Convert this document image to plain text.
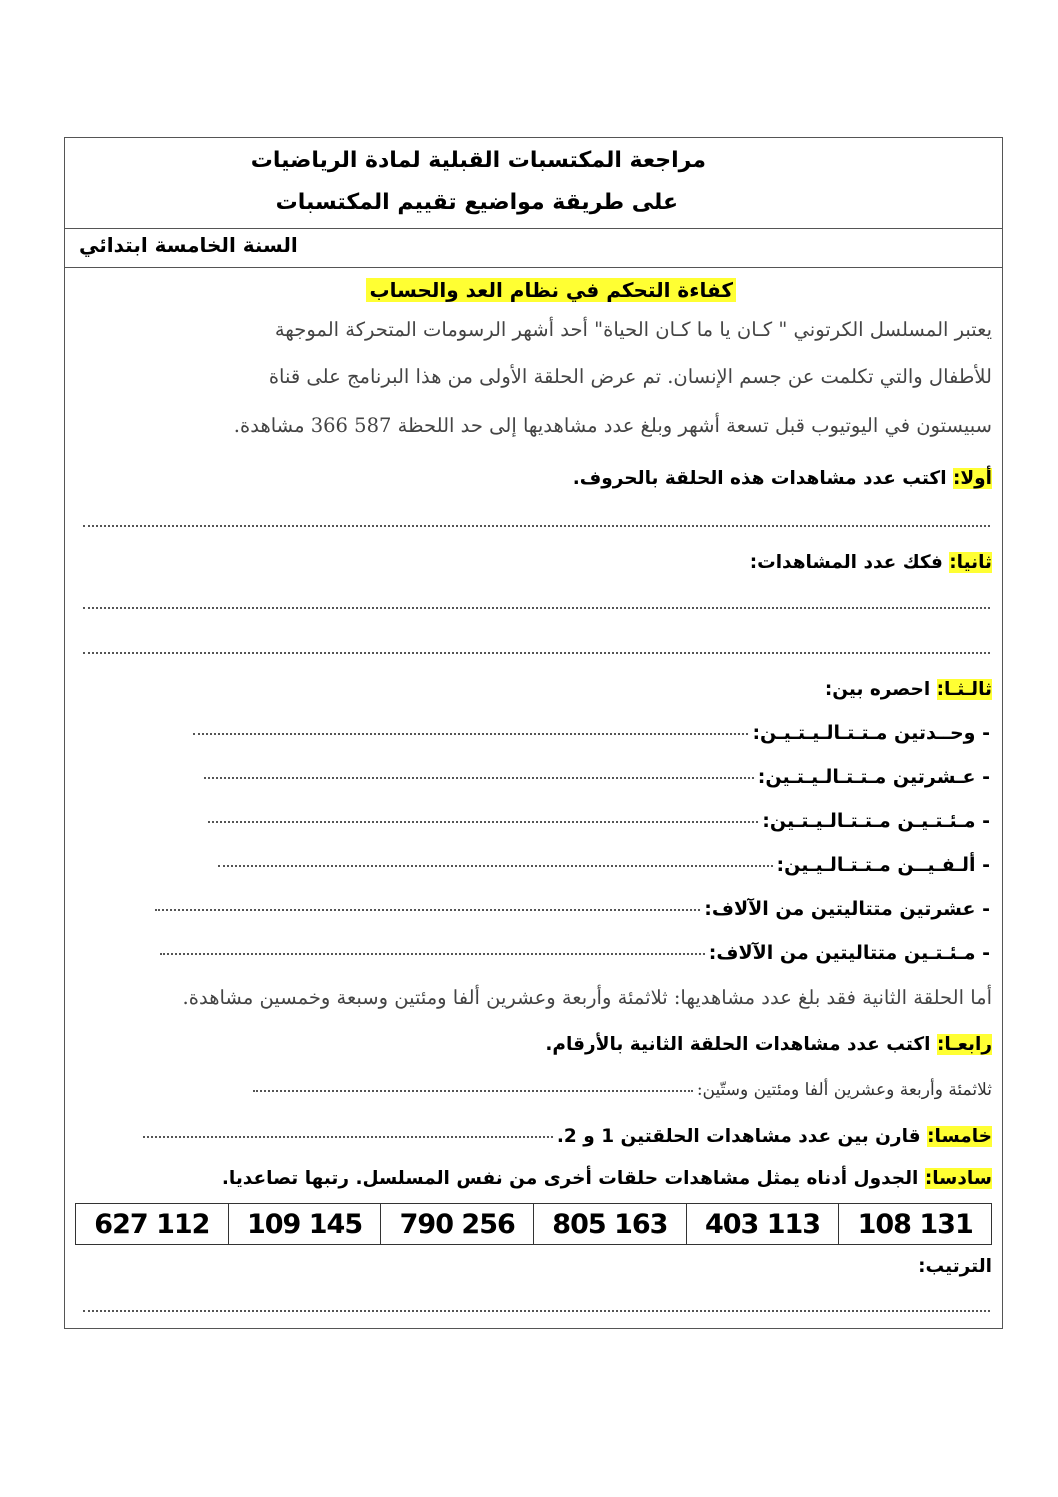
مراجعة المكتسبات القبلية لمادة الرياضيات
على طريقة مواضيع تقييم المكتسبات
السنة الخامسة ابتدائي
كفاءة التحكم في نظام العد والحساب
يعتبر المسلسل الكرتوني " كـان يا ما كـان الحياة" أحد أشهر الرسومات المتحركة الموجهة
للأطفال والتي تكلمت عن جسم الإنسان. تم عرض الحلقة الأولى من هذا البرنامج على قناة
سبيستون في اليوتيوب قبل تسعة أشهر وبلغ عدد مشاهديها إلى حد اللحظة 587 366 مشاهدة.
أولا: اكتب عدد مشاهدات هذه الحلقة بالحروف.
ثانيا: فكك عدد المشاهدات:
ثالـثـا: احصره بين:
- وحــدتين مـتـتـالـيـتـيـن:
- عـشرتين مـتـتـالـيـتـين:
- مـئـتـيـن مـتـتـالـيـتـين:
- ألـفـيــن مـتـتـالـيـين:
- عشرتين متتاليتين من الآلاف:
- مـئـتـين متتاليتين من الآلاف:
أما الحلقة الثانية فقد بلغ عدد مشاهديها: ثلاثمئة وأربعة وعشرين ألفا ومئتين وسبعة وخمسين مشاهدة.
رابعـا: اكتب عدد مشاهدات الحلقة الثانية بالأرقام.
ثلاثمئة وأربعة وعشرين ألفا ومئتين وستّين:
خامسا: قارن بين عدد مشاهدات الحلقتين 1 و 2.
سادسا: الجدول أدناه يمثل مشاهدات حلقات أخرى من نفس المسلسل. رتبها تصاعديا.
131 108	113 403	163 805	256 790	145 109	112 627
الترتيب:
